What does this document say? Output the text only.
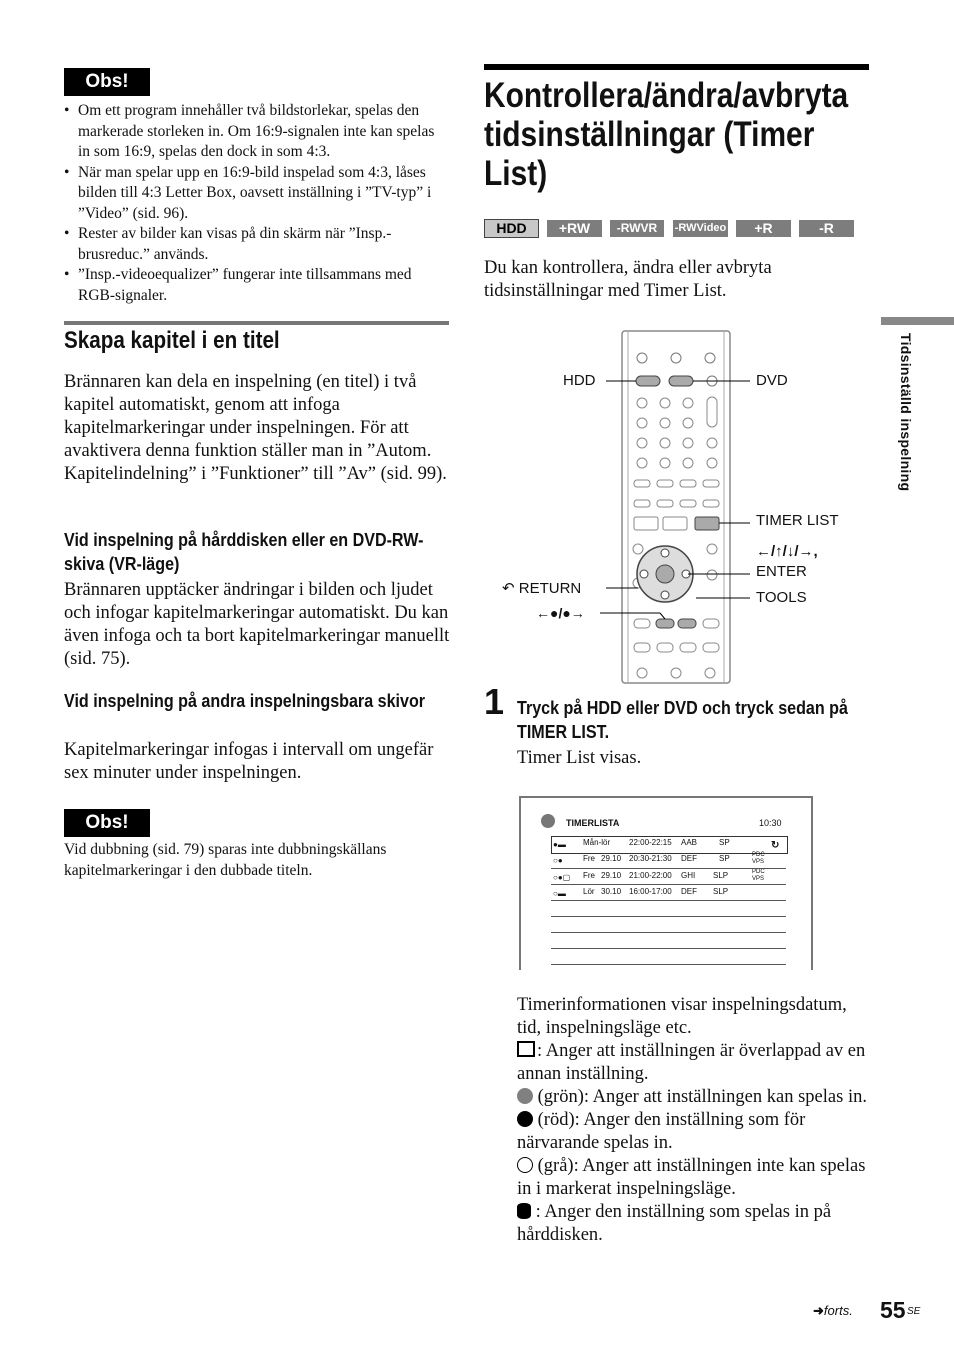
Obs!
• Om ett program innehåller två bildstorlekar, spelas den markerade storleken in. Om 16:9-signalen inte kan spelas in som 16:9, spelas den dock in som 4:3.
• När man spelar upp en 16:9-bild inspelad som 4:3, låses bilden till 4:3 Letter Box, oavsett inställning i ”TV-typ” i ”Video” (sid. 96).
• Rester av bilder kan visas på din skärm när ”Insp.-brusreduc.” används.
• ”Insp.-videoequalizer” fungerar inte tillsammans med RGB-signaler.
Skapa kapitel i en titel
Brännaren kan dela en inspelning (en titel) i två kapitel automatiskt, genom att infoga kapitelmarkeringar under inspelningen. För att avaktivera denna funktion ställer man in ”Autom. Kapitelindelning” i ”Funktioner” till ”Av” (sid. 99).
Vid inspelning på hårddisken eller en DVD-RW-skiva (VR-läge)
Brännaren upptäcker ändringar i bilden och ljudet och infogar kapitelmarkeringar automatiskt. Du kan även infoga och ta bort kapitelmarkeringar manuellt (sid. 75).
Vid inspelning på andra inspelningsbara skivor
Kapitelmarkeringar infogas i intervall om ungefär sex minuter under inspelningen.
Obs!
Vid dubbning (sid. 79) sparas inte dubbningskällans kapitelmarkeringar i den dubbade titeln.
Kontrollera/ändra/avbryta tidsinställningar (Timer List)
HDD	+RW	-RWVR	-RWVideo	+R	-R
Du kan kontrollera, ändra eller avbryta tidsinställningar med Timer List.
HDD	DVD
TIMER LIST
←/↑/↓/→,
ENTER
↶ RETURN
TOOLS
←●/●→
1 Tryck på HDD eller DVD och tryck sedan på TIMER LIST.
Timer List visas.
TIMERLISTA	10:30
↻
●▬ Mån-lör 22:00-22:15 AAB	SP
○●	Fre 29.10 20:30-21:30 DEF	SP	PDC VPS
○●▢ Fre 29.10 21:00-22:00 GHI SLP	PDC VPS
○▬ Lör 30.10 16:00-17:00 DEF SLP
Timerinformationen visar inspelningsdatum, tid, inspelningsläge etc.
: Anger att inställningen är överlappad av en annan inställning.
(grön): Anger att inställningen kan spelas in.
(röd): Anger den inställning som för närvarande spelas in.
(grå): Anger att inställningen inte kan spelas in i markerat inspelningsläge.
: Anger den inställning som spelas in på hårddisken.
Tidsinställd inspelning
➜forts. 55 SE
